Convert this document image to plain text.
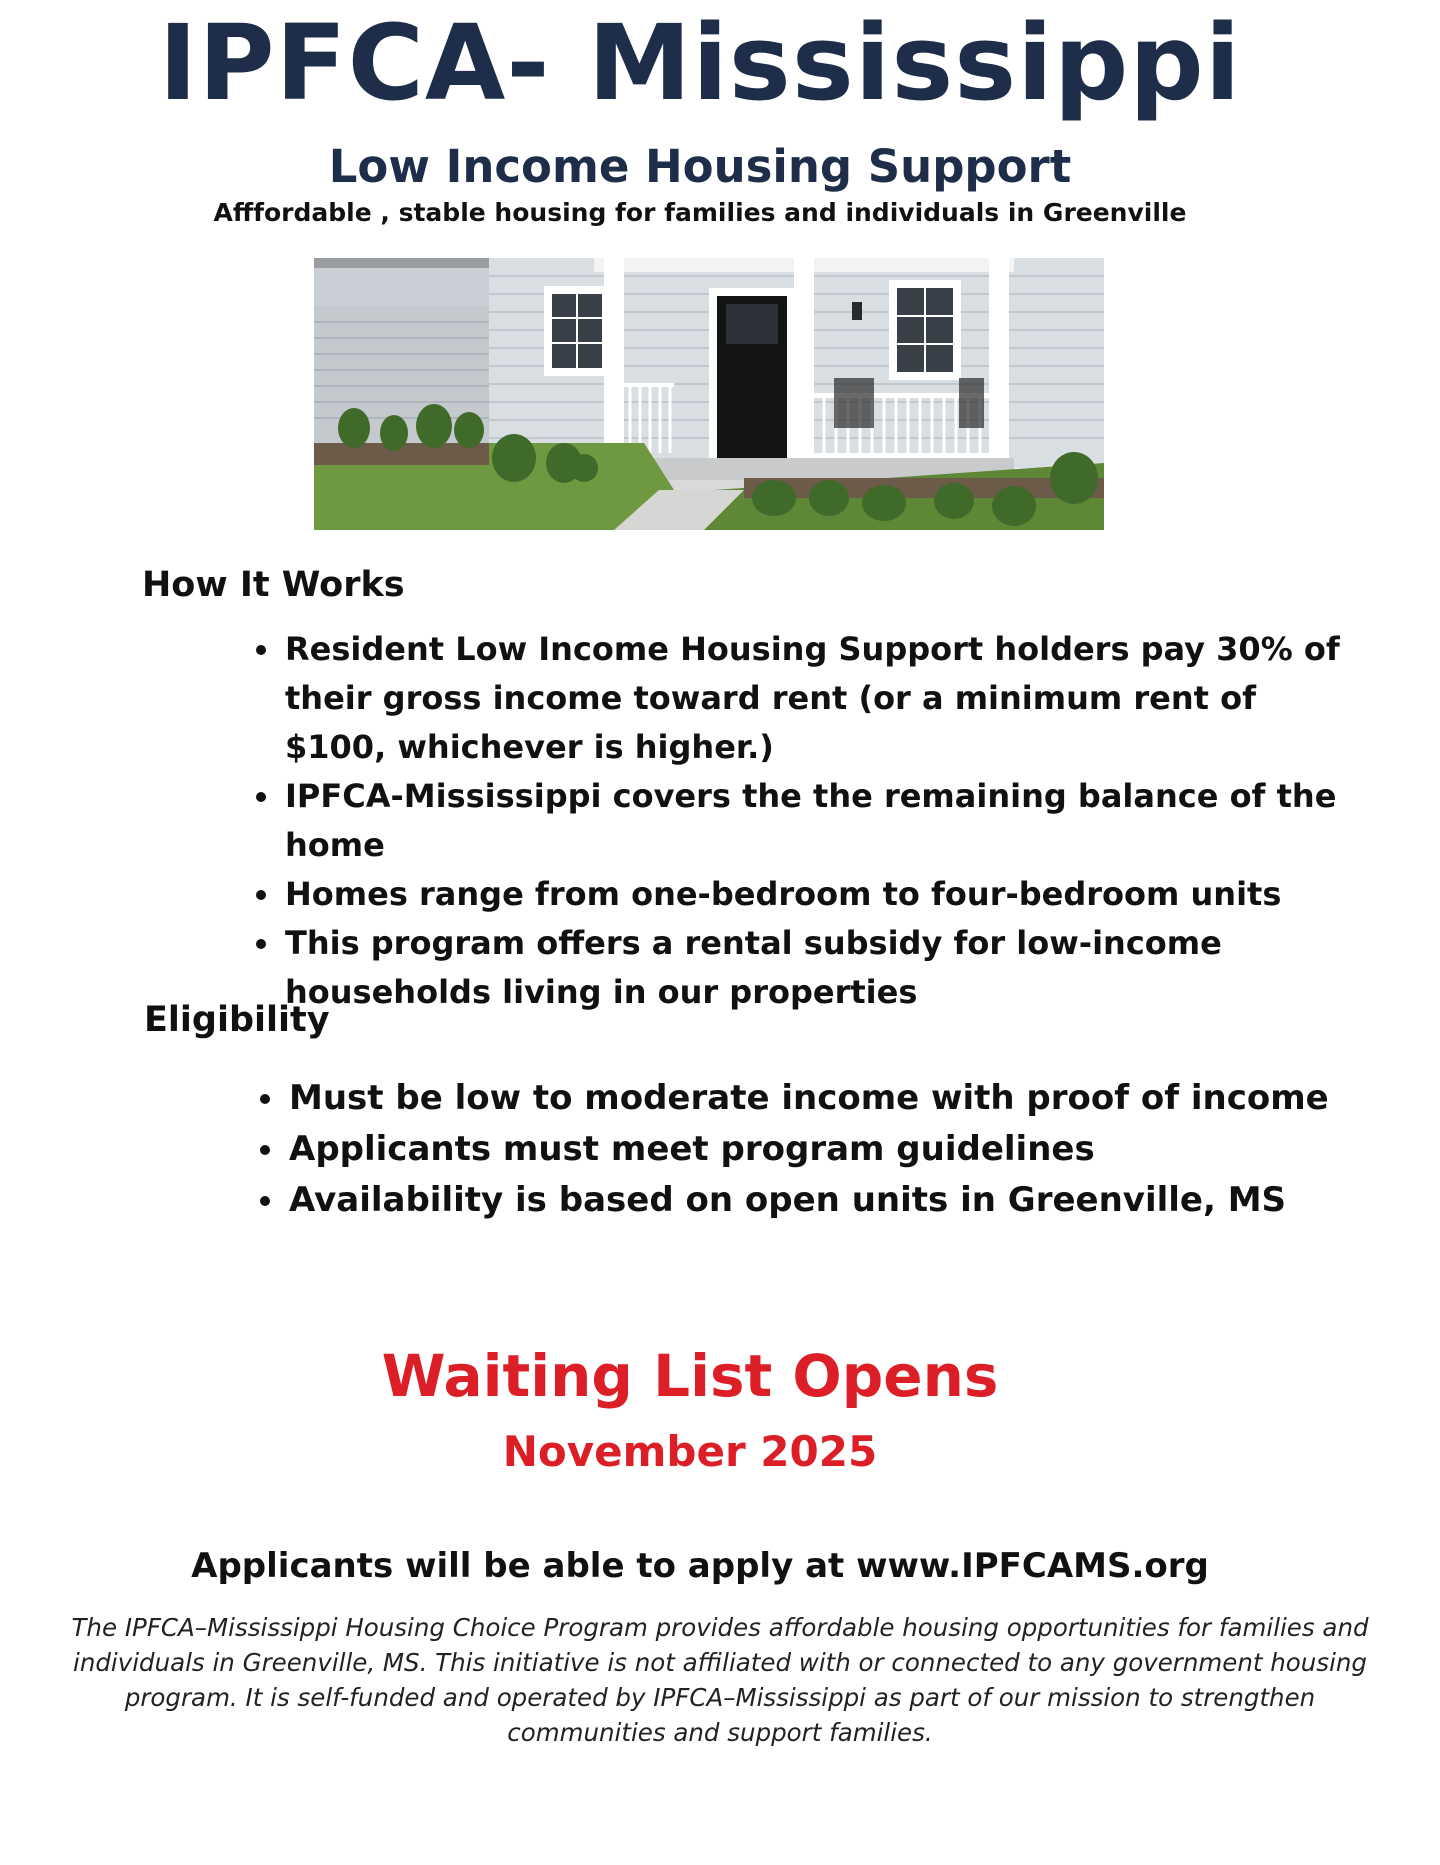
IPFCA- Mississippi
Low Income Housing Support

Afffordable , stable housing for families and individuals in Greenville

How It Works
• Resident Low Income Housing Support holders pay 30% of their gross income toward rent (or a minimum rent of $100, whichever is higher.)
• IPFCA-Mississippi covers the the remaining balance of the home
• Homes range from one-bedroom to four-bedroom units
• This program offers a rental subsidy for low-income households living in our properties
Eligibility
• Must be low to moderate income with proof of income
• Applicants must meet program guidelines
• Availability is based on open units in Greenville, MS
Waiting List Opens

November 2025

Applicants will be able to apply at www.IPFCAMS.org

The IPFCA–Mississippi Housing Choice Program provides affordable housing opportunities for families and individuals in Greenville, MS. This initiative is not affiliated with or connected to any government housing program. It is self-funded and operated by IPFCA–Mississippi as part of our mission to strengthen communities and support families.
